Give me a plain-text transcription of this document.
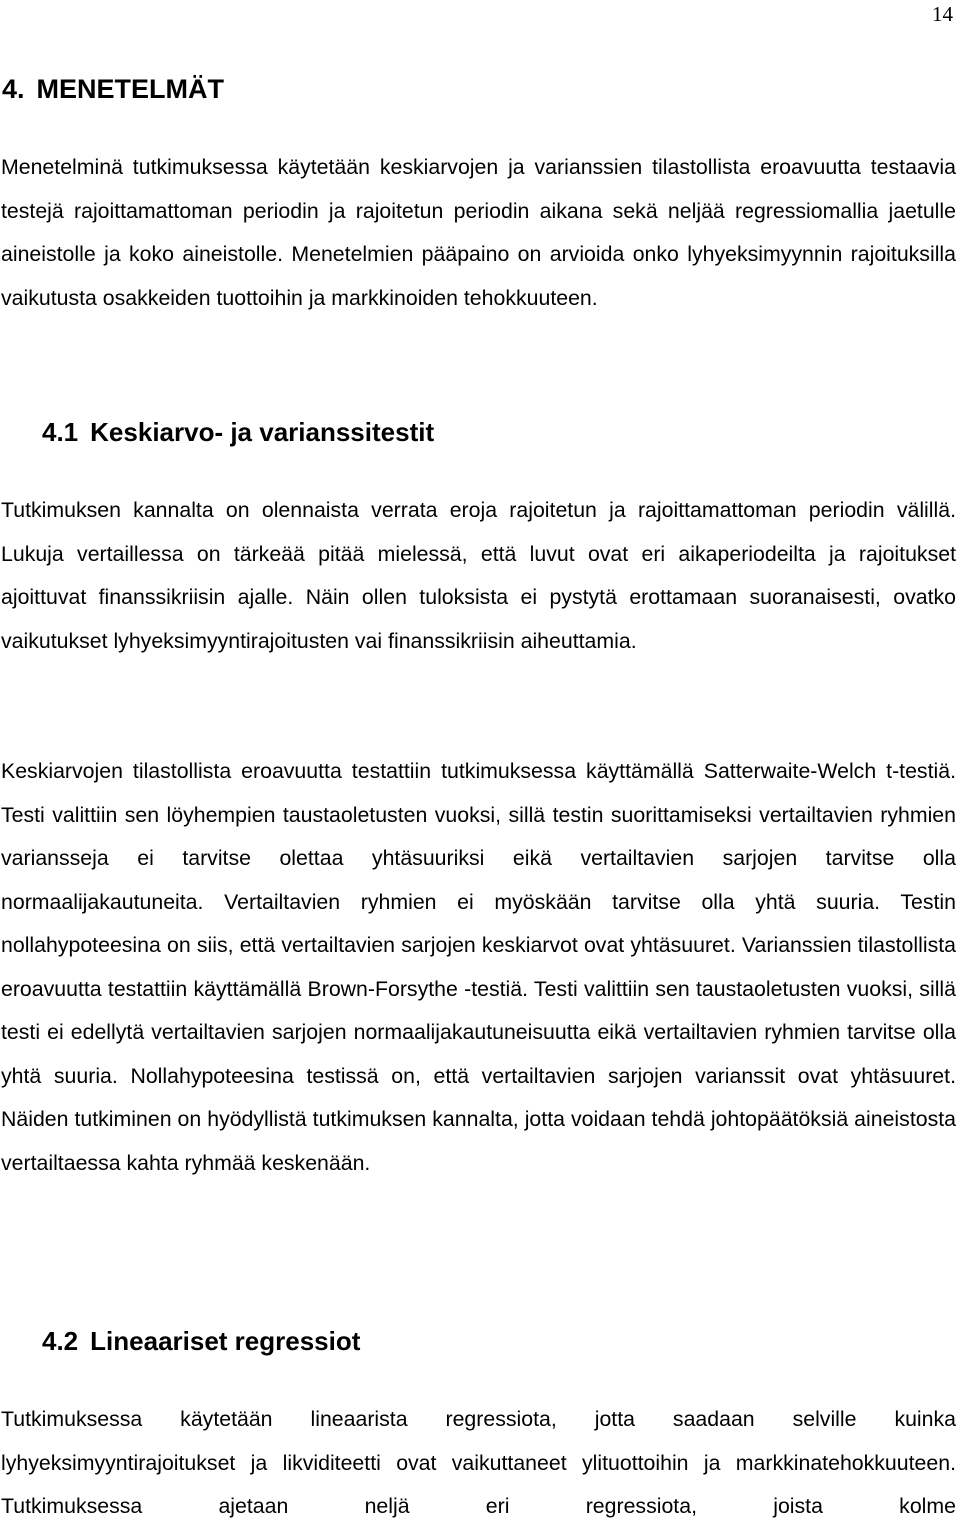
14
4. MENETELMÄT

Menetelminä tutkimuksessa käytetään keskiarvojen ja varianssien tilastollista eroavuutta testaavia testejä rajoittamattoman periodin ja rajoitetun periodin aikana sekä neljää regressiomallia jaetulle aineistolle ja koko aineistolle. Menetelmien pääpaino on arvioida onko lyhyeksimyynnin rajoituksilla vaikutusta osakkeiden tuottoihin ja markkinoiden tehokkuuteen.

4.1 Keskiarvo- ja varianssitestit

Tutkimuksen kannalta on olennaista verrata eroja rajoitetun ja rajoittamattoman periodin välillä. Lukuja vertaillessa on tärkeää pitää mielessä, että luvut ovat eri aikaperiodeilta ja rajoitukset ajoittuvat finanssikriisin ajalle. Näin ollen tuloksista ei pystytä erottamaan suoranaisesti, ovatko vaikutukset lyhyeksimyyntirajoitusten vai finanssikriisin aiheuttamia.

Keskiarvojen tilastollista eroavuutta testattiin tutkimuksessa käyttämällä Satterwaite-Welch t-testiä. Testi valittiin sen löyhempien taustaoletusten vuoksi, sillä testin suorittamiseksi vertailtavien ryhmien variansseja ei tarvitse olettaa yhtäsuuriksi eikä vertailtavien sarjojen tarvitse olla normaalijakautuneita. Vertailtavien ryhmien ei myöskään tarvitse olla yhtä suuria. Testin nollahypoteesina on siis, että vertailtavien sarjojen keskiarvot ovat yhtäsuuret. Varianssien tilastollista eroavuutta testattiin käyttämällä Brown-Forsythe -testiä. Testi valittiin sen taustaoletusten vuoksi, sillä testi ei edellytä vertailtavien sarjojen normaalijakautuneisuutta eikä vertailtavien ryhmien tarvitse olla yhtä suuria. Nollahypoteesina testissä on, että vertailtavien sarjojen varianssit ovat yhtäsuuret. Näiden tutkiminen on hyödyllistä tutkimuksen kannalta, jotta voidaan tehdä johtopäätöksiä aineistosta vertailtaessa kahta ryhmää keskenään.

4.2 Lineaariset regressiot

Tutkimuksessa käytetään lineaarista regressiota, jotta saadaan selville kuinka lyhyeksimyyntirajoitukset ja likviditeetti ovat vaikuttaneet ylituottoihin ja markkinatehokkuuteen. Tutkimuksessa ajetaan neljä eri regressiota, joista kolme
